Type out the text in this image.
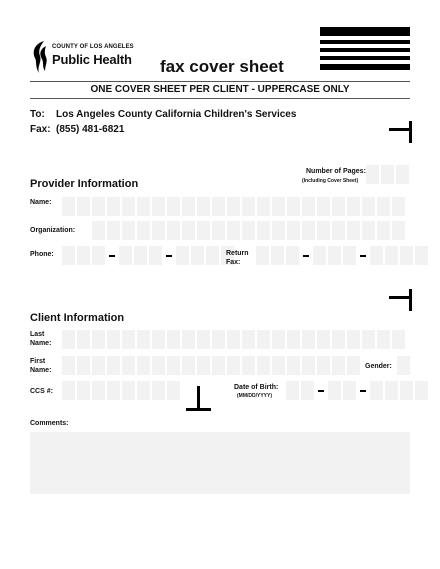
COUNTY OF LOS ANGELES
Public Health fax cover sheet
ONE COVER SHEET PER CLIENT - UPPERCASE ONLY
To: Los Angeles County California Children's Services
Fax: (855) 481-6821
Provider Information
Number of Pages:
(Including Cover Sheet)
Name:
Organization:
Phone:	Return
Fax:
Client Information
Last
Name:
First
Name:
Gender:
CCS #:
Date of Birth:
(MM/DD/YYYY)
Comments:
